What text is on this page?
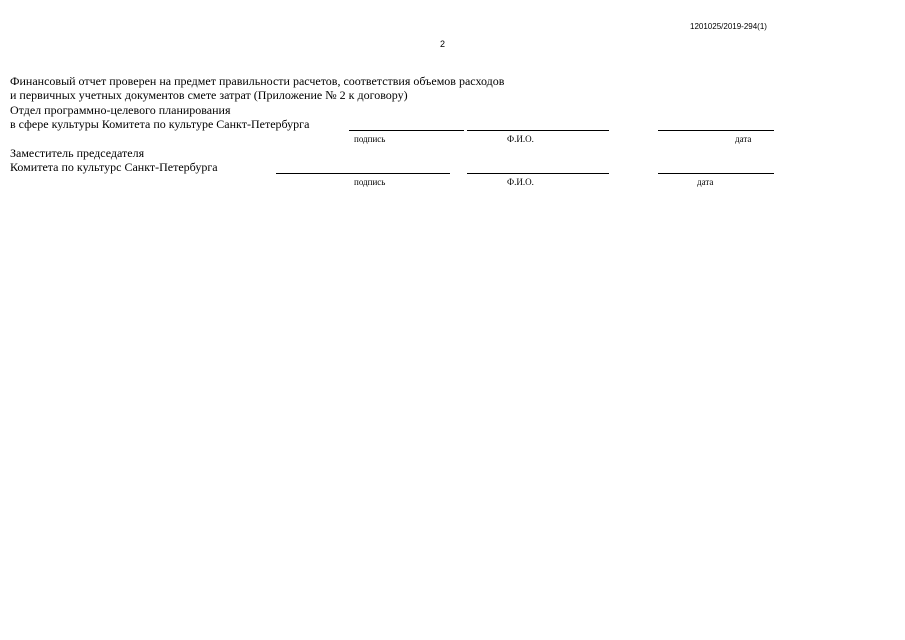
1201025/2019-294(1)
2
Финансовый отчет проверен на предмет правильности расчетов, соответствия объемов расходов
и первичных учетных документов смете затрат (Приложение № 2 к договору)
Отдел программно-целевого планирования
в сфере культуры Комитета по культуре Санкт-Петербурга
подпись	Ф.И.О.	дата
Заместитель председателя
Комитета по культурс Санкт-Петербурга
подпись	Ф.И.О.	дата
